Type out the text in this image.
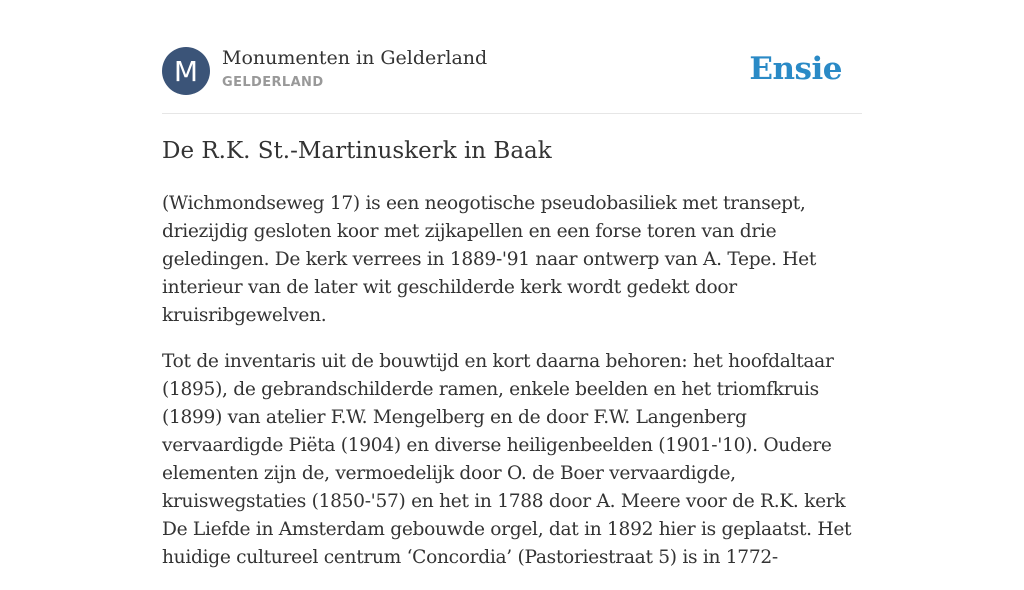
M	Monumenten in Gelderland
GELDERLAND	Ensie
De R.K. St.-Martinuskerk in Baak

(Wichmondseweg 17) is een neogotische pseudobasiliek met transept, driezijdig gesloten koor met zijkapellen en een forse toren van drie geledingen. De kerk verrees in 1889-'91 naar ontwerp van A. Tepe. Het interieur van de later wit geschilderde kerk wordt gedekt door kruisribgewelven.

Tot de inventaris uit de bouwtijd en kort daarna behoren: het hoofdaltaar (1895), de gebrandschilderde ramen, enkele beelden en het triomfkruis (1899) van atelier F.W. Mengelberg en de door F.W. Langenberg vervaardigde Piëta (1904) en diverse heiligenbeelden (1901-'10). Oudere elementen zijn de, vermoedelijk door O. de Boer vervaardigde, kruiswegstaties (1850-'57) en het in 1788 door A. Meere voor de R.K. kerk De Liefde in Amsterdam gebouwde orgel, dat in 1892 hier is geplaatst. Het huidige cultureel centrum ‘Concordia’ (Pastoriestraat 5) is in 1772-
